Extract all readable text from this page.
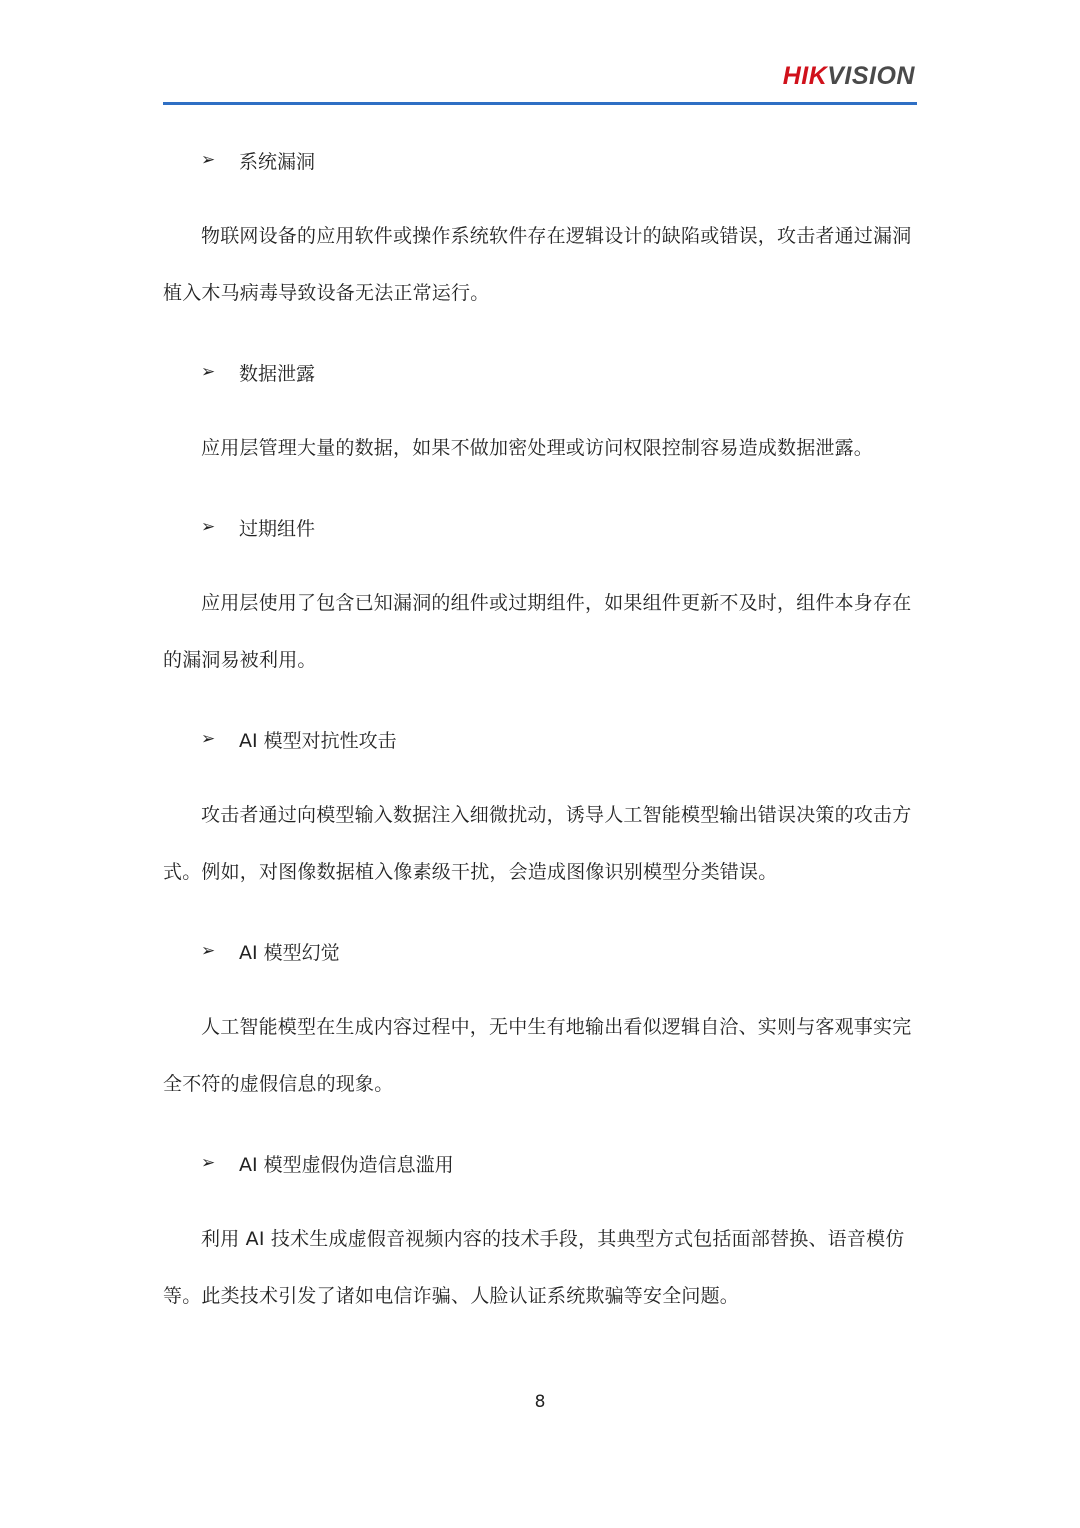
HIKVISION
➢	系统漏洞

物联网设备的应用软件或操作系统软件存在逻辑设计的缺陷或错误，攻击者通过漏洞植入木马病毒导致设备无法正常运行。

➢	数据泄露

应用层管理大量的数据，如果不做加密处理或访问权限控制容易造成数据泄露。

➢	过期组件

应用层使用了包含已知漏洞的组件或过期组件，如果组件更新不及时，组件本身存在的漏洞易被利用。

➢	AI 模型对抗性攻击

攻击者通过向模型输入数据注入细微扰动，诱导人工智能模型输出错误决策的攻击方式。例如，对图像数据植入像素级干扰，会造成图像识别模型分类错误。

➢	AI 模型幻觉

人工智能模型在生成内容过程中，无中生有地输出看似逻辑自洽、实则与客观事实完全不符的虚假信息的现象。

➢	AI 模型虚假伪造信息滥用

利用 AI 技术生成虚假音视频内容的技术手段，其典型方式包括面部替换、语音模仿等。此类技术引发了诸如电信诈骗、人脸认证系统欺骗等安全问题。

8
